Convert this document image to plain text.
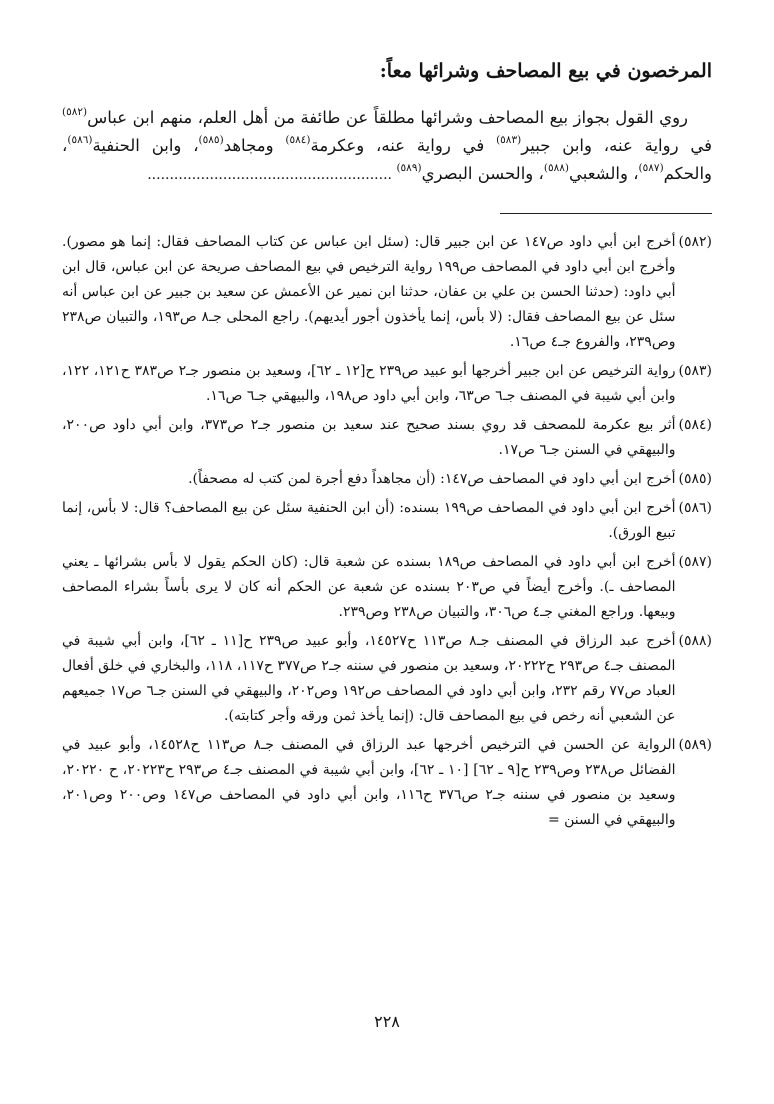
المرخصون في بيع المصاحف وشرائها معاً:

روي القول بجواز بيع المصاحف وشرائها مطلقاً عن طائفة من أهل العلم، منهم ابن عباس$^{(٥٨٢)}$ في رواية عنه، وابن جبير$^{(٥٨٣)}$ في رواية عنه، وعكرمة$^{(٥٨٤)}$ ومجاهد$^{(٥٨٥)}$، وابن الحنفية$^{(٥٨٦)}$، والحكم$^{(٥٨٧)}$، والشعبي$^{(٥٨٨)}$، والحسن البصري$^{(٥٨٩)}$ .......................................................

(٥٨٢)
أخرج ابن أبي داود ص١٤٧ عن ابن جبير قال: (سئل ابن عباس عن كتاب المصاحف فقال: إنما هو مصور). وأخرج ابن أبي داود في المصاحف ص١٩٩ رواية الترخيص في بيع المصاحف صريحة عن ابن عباس، قال ابن أبي داود: (حدثنا الحسن بن علي بن عفان، حدثنا ابن نمير عن الأعمش عن سعيد بن جبير عن ابن عباس أنه سئل عن بيع المصاحف فقال: (لا بأس، إنما يأخذون أجور أيديهم). راجع المحلى جـ٨ ص١٩٣، والتبيان ص٢٣٨ وص٢٣٩، والفروع جـ٤ ص١٦.
(٥٨٣)
رواية الترخيص عن ابن جبير أخرجها أبو عبيد ص٢٣٩ ح[١٢ ـ ٦٢]، وسعيد بن منصور جـ٢ ص٣٨٣ ح١٢١، ١٢٢، وابن أبي شيبة في المصنف جـ٦ ص٦٣، وابن أبي داود ص١٩٨، والبيهقي جـ٦ ص١٦.
(٥٨٤)
أثر بيع عكرمة للمصحف قد روي بسند صحيح عند سعيد بن منصور جـ٢ ص٣٧٣، وابن أبي داود ص٢٠٠، والبيهقي في السنن جـ٦ ص١٧.
(٥٨٥)
أخرج ابن أبي داود في المصاحف ص١٤٧: (أن مجاهداً دفع أجرة لمن كتب له مصحفاً).
(٥٨٦)
أخرج ابن أبي داود في المصاحف ص١٩٩ بسنده: (أن ابن الحنفية سئل عن بيع المصاحف؟ قال: لا بأس، إنما تبيع الورق).
(٥٨٧)
أخرج ابن أبي داود في المصاحف ص١٨٩ بسنده عن شعبة قال: (كان الحكم يقول لا بأس بشرائها ـ يعني المصاحف ـ). وأخرج أيضاً في ص٢٠٣ بسنده عن شعبة عن الحكم أنه كان لا يرى بأساً بشراء المصاحف وبيعها. وراجع المغني جـ٤ ص٣٠٦، والتبيان ص٢٣٨ وص٢٣٩.
(٥٨٨)
أخرج عبد الرزاق في المصنف جـ٨ ص١١٣ ح١٤٥٢٧، وأبو عبيد ص٢٣٩ ح[١١ ـ ٦٢]، وابن أبي شيبة في المصنف جـ٤ ص٢٩٣ ح٢٠٢٢٢، وسعيد بن منصور في سننه جـ٢ ص٣٧٧ ح١١٧، ١١٨، والبخاري في خلق أفعال العباد ص٧٧ رقم ٢٣٢، وابن أبي داود في المصاحف ص١٩٢ وص٢٠٢، والبيهقي في السنن جـ٦ ص١٧ جميعهم عن الشعبي أنه رخص في بيع المصاحف قال: (إنما يأخذ ثمن ورقه وأجر كتابته).
(٥٨٩)
الرواية عن الحسن في الترخيص أخرجها عبد الرزاق في المصنف جـ٨ ص١١٣ ح١٤٥٢٨، وأبو عبيد في الفضائل ص٢٣٨ وص٢٣٩ ح[٩ ـ ٦٢] [١٠ ـ ٦٢]، وابن أبي شيبة في المصنف جـ٤ ص٢٩٣ ح٢٠٢٢٣، ح ٢٠٢٢٠، وسعيد بن منصور في سننه جـ٢ ص٣٧٦ ح١١٦، وابن أبي داود في المصاحف ص١٤٧ وص٢٠٠ وص٢٠١، والبيهقي في السنن =
٢٢٨
